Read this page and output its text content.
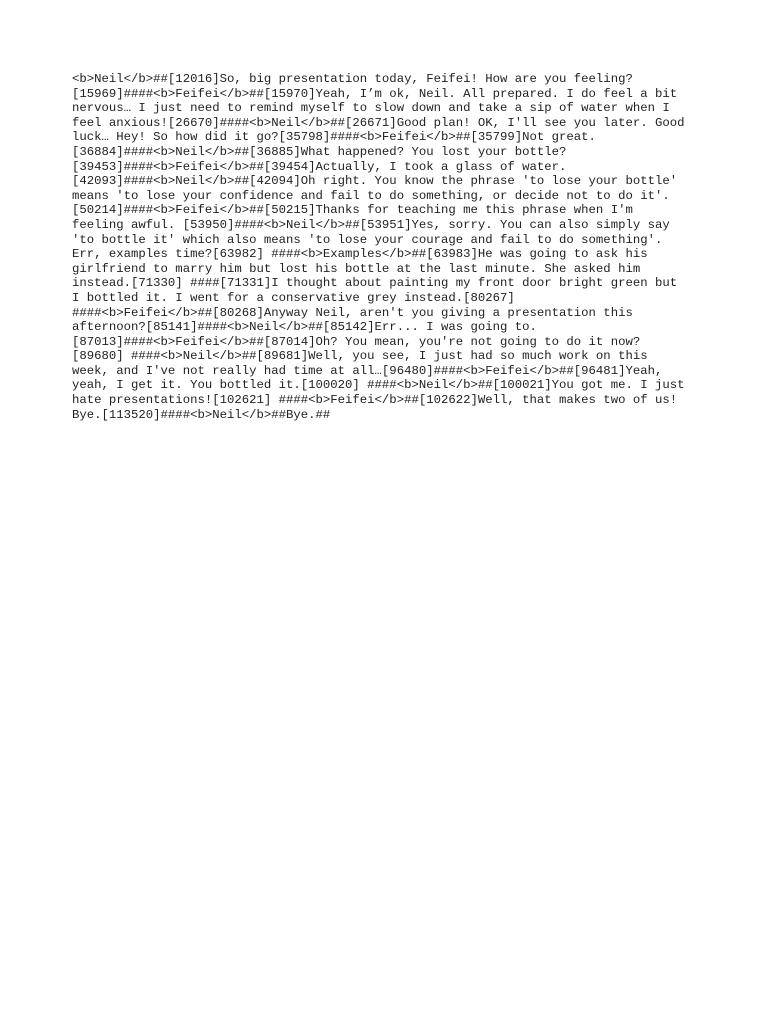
<b>Neil</b>##[12016]So, big presentation today, Feifei! How are you feeling?
[15969]####<b>Feifei</b>##[15970]Yeah, I’m ok, Neil. All prepared. I do feel a bit
nervous… I just need to remind myself to slow down and take a sip of water when I
feel anxious![26670]####<b>Neil</b>##[26671]Good plan! OK, I'll see you later. Good
luck… Hey! So how did it go?[35798]####<b>Feifei</b>##[35799]Not great.
[36884]####<b>Neil</b>##[36885]What happened? You lost your bottle?
[39453]####<b>Feifei</b>##[39454]Actually, I took a glass of water.
[42093]####<b>Neil</b>##[42094]Oh right. You know the phrase 'to lose your bottle'
means 'to lose your confidence and fail to do something, or decide not to do it'.
[50214]####<b>Feifei</b>##[50215]Thanks for teaching me this phrase when I'm
feeling awful. [53950]####<b>Neil</b>##[53951]Yes, sorry. You can also simply say
'to bottle it' which also means 'to lose your courage and fail to do something'.
Err, examples time?[63982] ####<b>Examples</b>##[63983]He was going to ask his
girlfriend to marry him but lost his bottle at the last minute. She asked him
instead.[71330] ####[71331]I thought about painting my front door bright green but
I bottled it. I went for a conservative grey instead.[80267]
####<b>Feifei</b>##[80268]Anyway Neil, aren't you giving a presentation this
afternoon?[85141]####<b>Neil</b>##[85142]Err... I was going to.
[87013]####<b>Feifei</b>##[87014]Oh? You mean, you're not going to do it now?
[89680] ####<b>Neil</b>##[89681]Well, you see, I just had so much work on this
week, and I've not really had time at all…[96480]####<b>Feifei</b>##[96481]Yeah,
yeah, I get it. You bottled it.[100020] ####<b>Neil</b>##[100021]You got me. I just
hate presentations![102621] ####<b>Feifei</b>##[102622]Well, that makes two of us!
Bye.[113520]####<b>Neil</b>##Bye.##
